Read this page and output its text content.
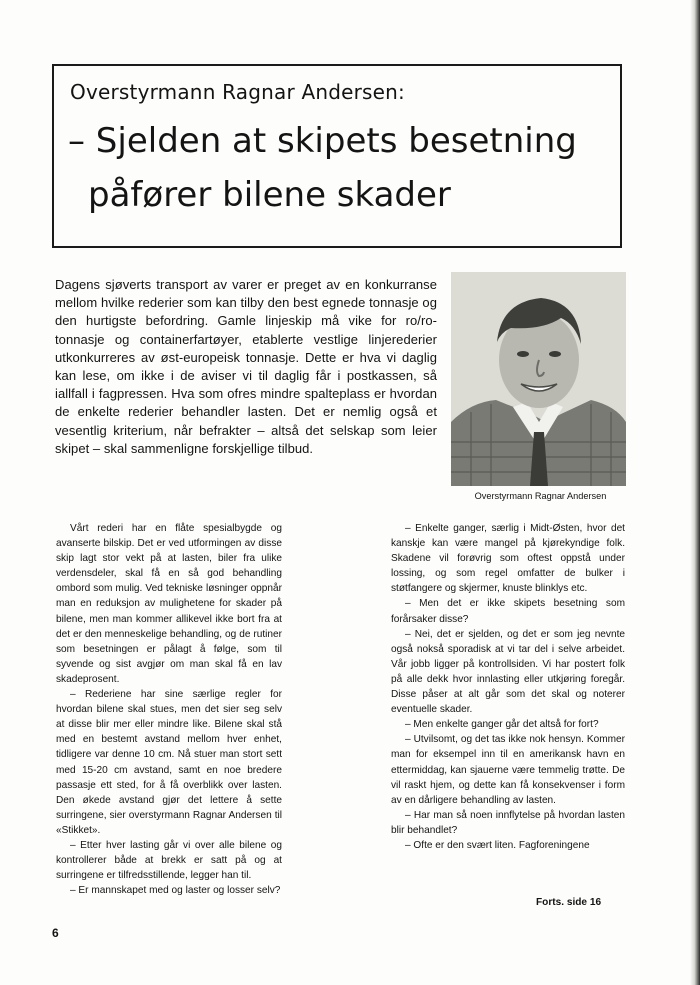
Overstyrmann Ragnar Andersen:
– Sjelden at skipets besetning
påfører bilene skader

Dagens sjøverts transport av varer er preget av en konkurranse mellom hvilke rederier som kan tilby den best egnede tonnasje og den hurtigste befordring. Gamle linjeskip må vike for ro/ro-tonnasje og containerfartøyer, etablerte vestlige linjerederier utkonkurreres av øst-europeisk tonnasje. Dette er hva vi daglig kan lese, om ikke i de aviser vi til daglig får i postkassen, så iallfall i fagpressen. Hva som ofres mindre spalteplass er hvordan de enkelte rederier behandler lasten. Det er nemlig også et vesentlig kriterium, når befrakter – altså det selskap som leier skipet – skal sammenligne forskjellige tilbud.

Overstyrmann Ragnar Andersen

Vårt rederi har en flåte spesialbygde og avanserte bilskip. Det er ved utformingen av disse skip lagt stor vekt på at lasten, biler fra ulike verdensdeler, skal få en så god behandling ombord som mulig. Ved tekniske løsninger oppnår man en reduksjon av mulighetene for skader på bilene, men man kommer allikevel ikke bort fra at det er den menneskelige behandling, og de rutiner som besetningen er pålagt å følge, som til syvende og sist avgjør om man skal få en lav skadeprosent.

– Rederiene har sine særlige regler for hvordan bilene skal stues, men det sier seg selv at disse blir mer eller mindre like. Bilene skal stå med en bestemt avstand mellom hver enhet, tidligere var denne 10 cm. Nå stuer man stort sett med 15-20 cm avstand, samt en noe bredere passasje ett sted, for å få overblikk over lasten. Den økede avstand gjør det lettere å sette surringene, sier overstyrmann Ragnar Andersen til «Stikket».

– Etter hver lasting går vi over alle bilene og kontrollerer både at brekk er satt på og at surringene er tilfredsstillende, legger han til.

– Er mannskapet med og laster og losser selv?

– Enkelte ganger, særlig i Midt-Østen, hvor det kanskje kan være mangel på kjørekyndige folk. Skadene vil forøvrig som oftest oppstå under lossing, og som regel omfatter de bulker i støtfangere og skjermer, knuste blinklys etc.

– Men det er ikke skipets besetning som forårsaker disse?

– Nei, det er sjelden, og det er som jeg nevnte også nokså sporadisk at vi tar del i selve arbeidet. Vår jobb ligger på kontrollsiden. Vi har postert folk på alle dekk hvor innlasting eller utkjøring foregår. Disse påser at alt går som det skal og noterer eventuelle skader.

– Men enkelte ganger går det altså for fort?

– Utvilsomt, og det tas ikke nok hensyn. Kommer man for eksempel inn til en amerikansk havn en ettermiddag, kan sjauerne være temmelig trøtte. De vil raskt hjem, og dette kan få konsekvenser i form av en dårligere behandling av lasten.

– Har man så noen innflytelse på hvordan lasten blir behandlet?

– Ofte er den svært liten. Fagforeningene

Forts. side 16
6
